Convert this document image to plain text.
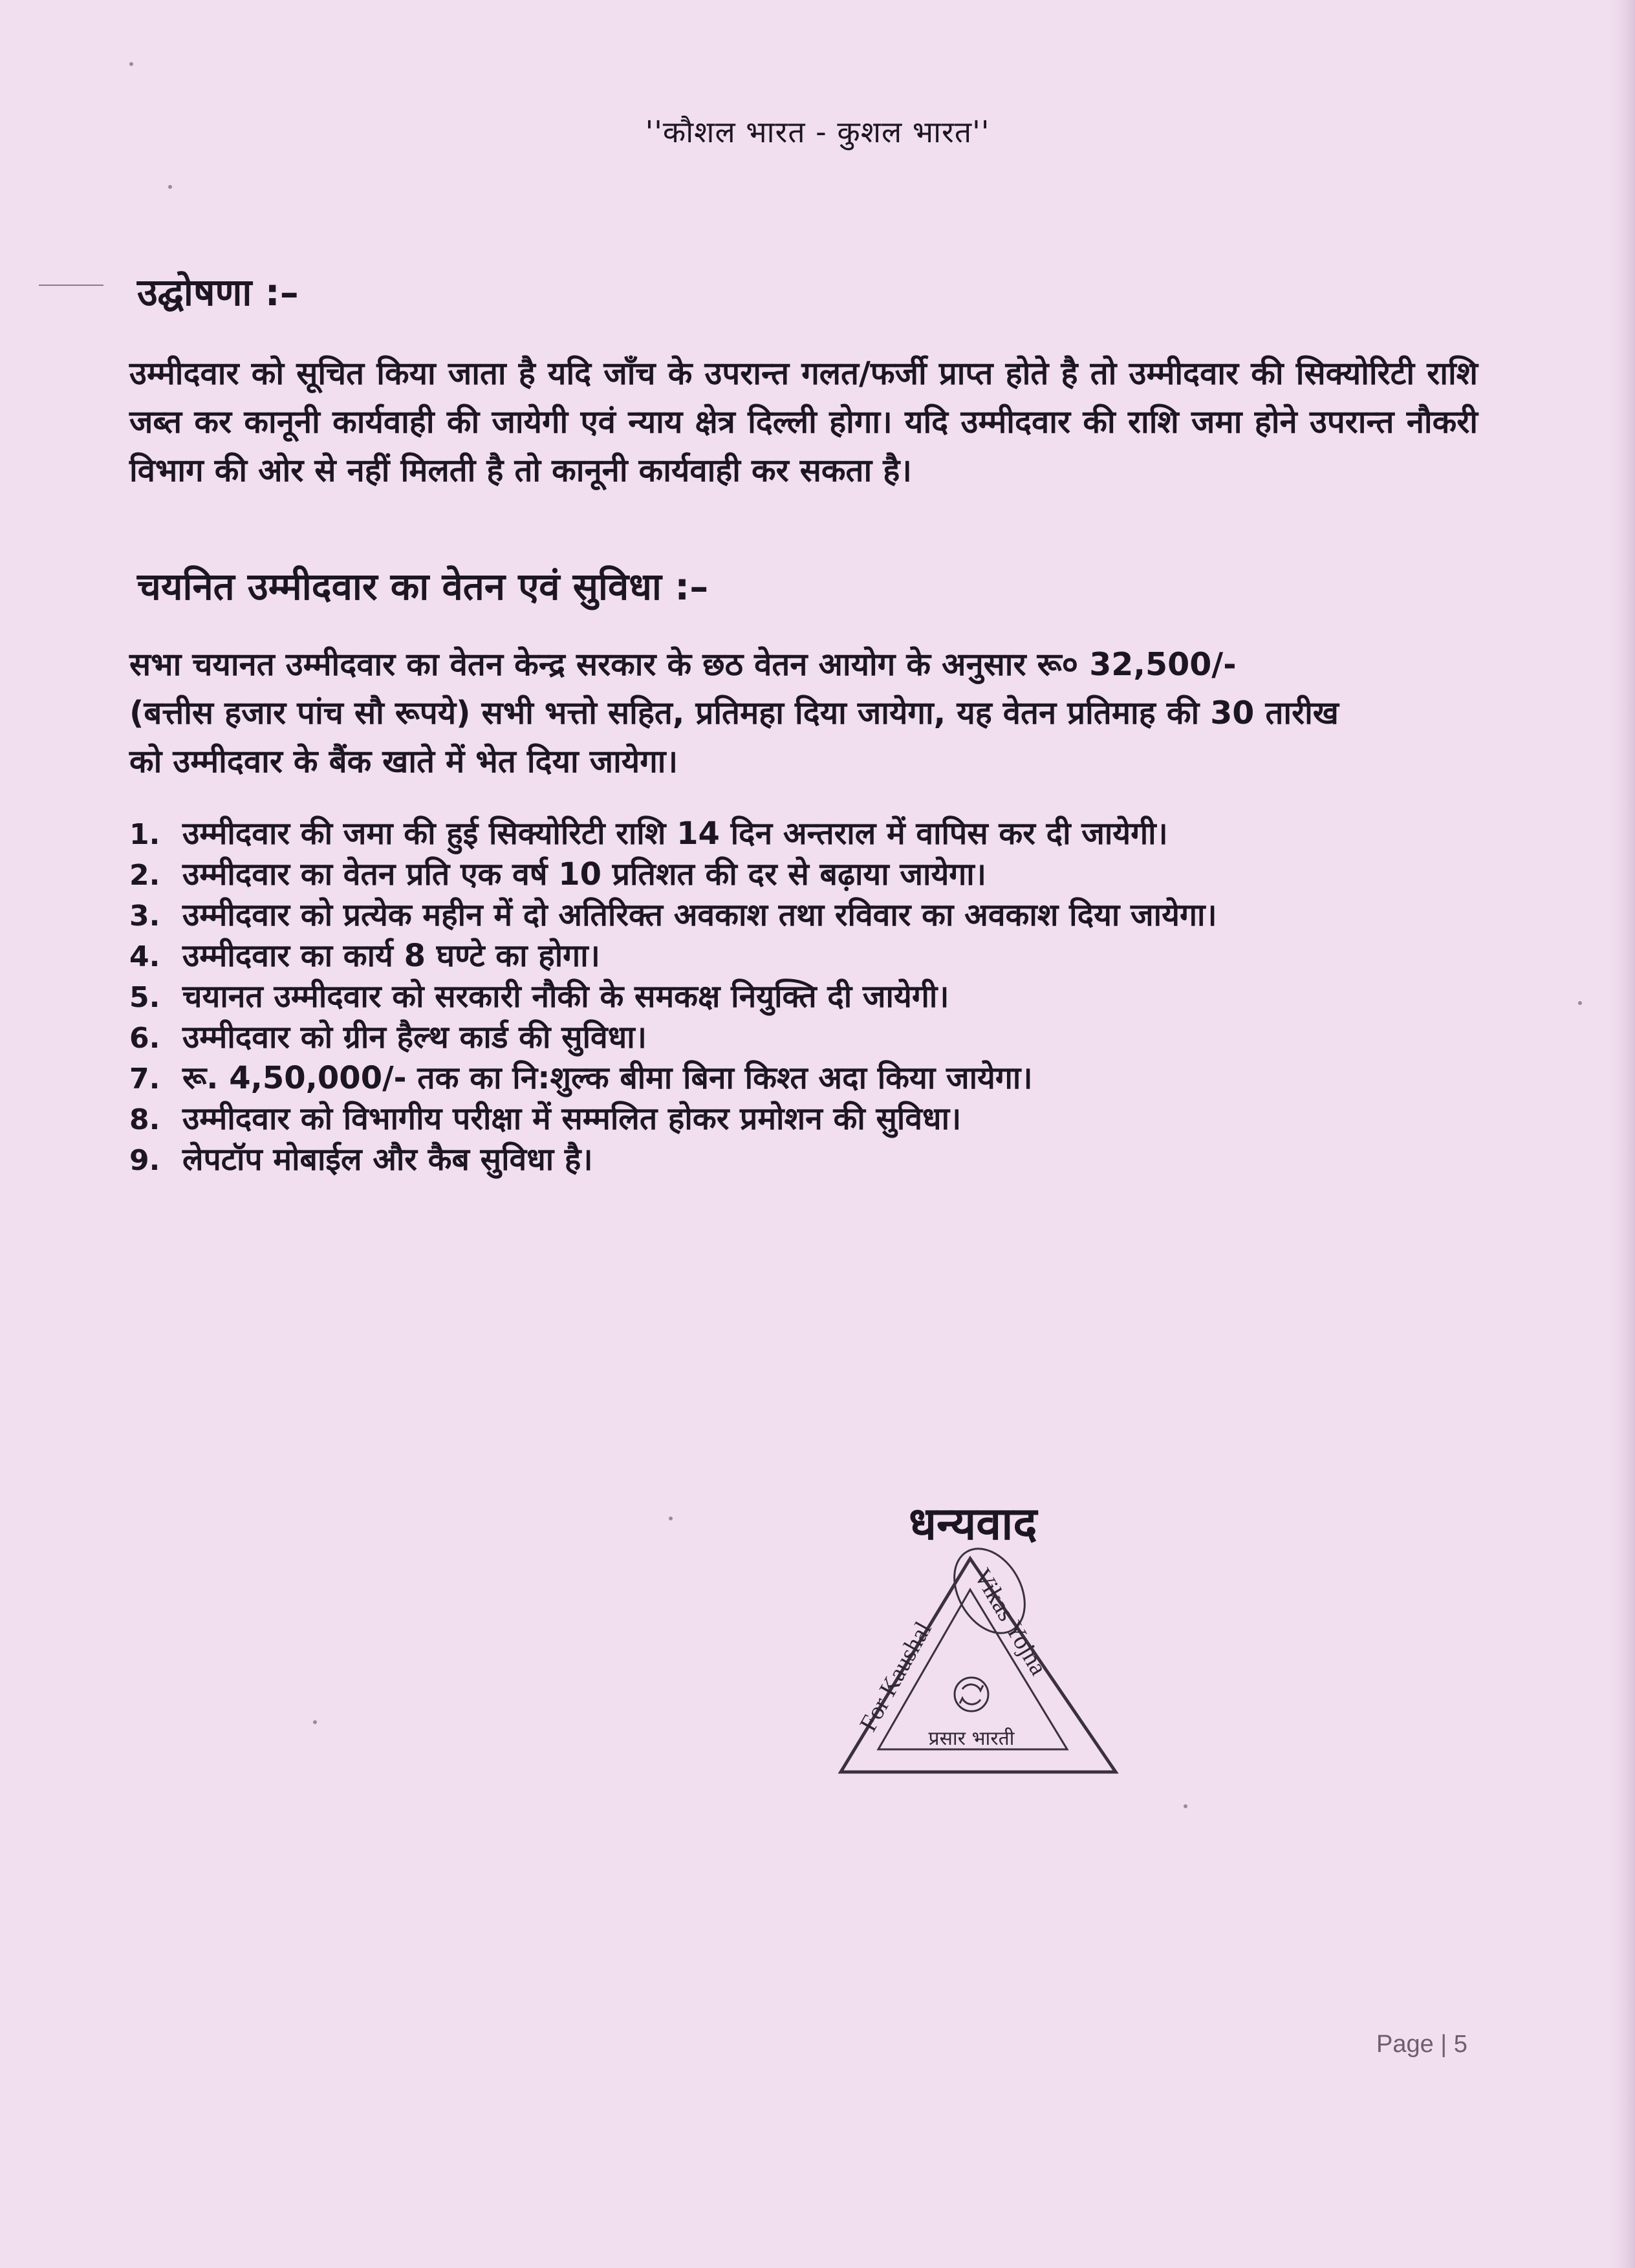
''कौशल भारत - कुशल भारत''
उद्घोषणा :–
उम्मीदवार को सूचित किया जाता है यदि जाँच के उपरान्त गलत/फर्जी प्राप्त होते है तो उम्मीदवार की सिक्योरिटी राशि जब्त कर कानूनी कार्यवाही की जायेगी एवं न्याय क्षेत्र दिल्ली होगा। यदि उम्मीदवार की राशि जमा होने उपरान्त नौकरी विभाग की ओर से नहीं मिलती है तो कानूनी कार्यवाही कर सकता है।
चयनित उम्मीदवार का वेतन एवं सुविधा :–
सभा चयानत उम्मीदवार का वेतन केन्द्र सरकार के छठ वेतन आयोग के अनुसार रू० 32,500/-
(बत्तीस हजार पांच सौ रूपये) सभी भत्तो सहित, प्रतिमहा दिया जायेगा, यह वेतन प्रतिमाह की 30 तारीख
को उम्मीदवार के बैंक खाते में भेत दिया जायेगा।
1. उम्मीदवार की जमा की हुई सिक्योरिटी राशि 14 दिन अन्तराल में वापिस कर दी जायेगी।
2. उम्मीदवार का वेतन प्रति एक वर्ष 10 प्रतिशत की दर से बढ़ाया जायेगा।
3. उम्मीदवार को प्रत्येक महीन में दो अतिरिक्त अवकाश तथा रविवार का अवकाश दिया जायेगा।
4. उम्मीदवार का कार्य 8 घण्टे का होगा।
5. चयानत उम्मीदवार को सरकारी नौकी के समकक्ष नियुक्ति दी जायेगी।
6. उम्मीदवार को ग्रीन हैल्थ कार्ड की सुविधा।
7. रू. 4,50,000/- तक का नि:शुल्क बीमा बिना किश्त अदा किया जायेगा।
8. उम्मीदवार को विभागीय परीक्षा में सम्मलित होकर प्रमोशन की सुविधा।
9. लेपटॉप मोबाईल और कैब सुविधा है।
धन्यवाद
For Kaushal
Vikas Yojna
प्रसार भारती
Page | 5
